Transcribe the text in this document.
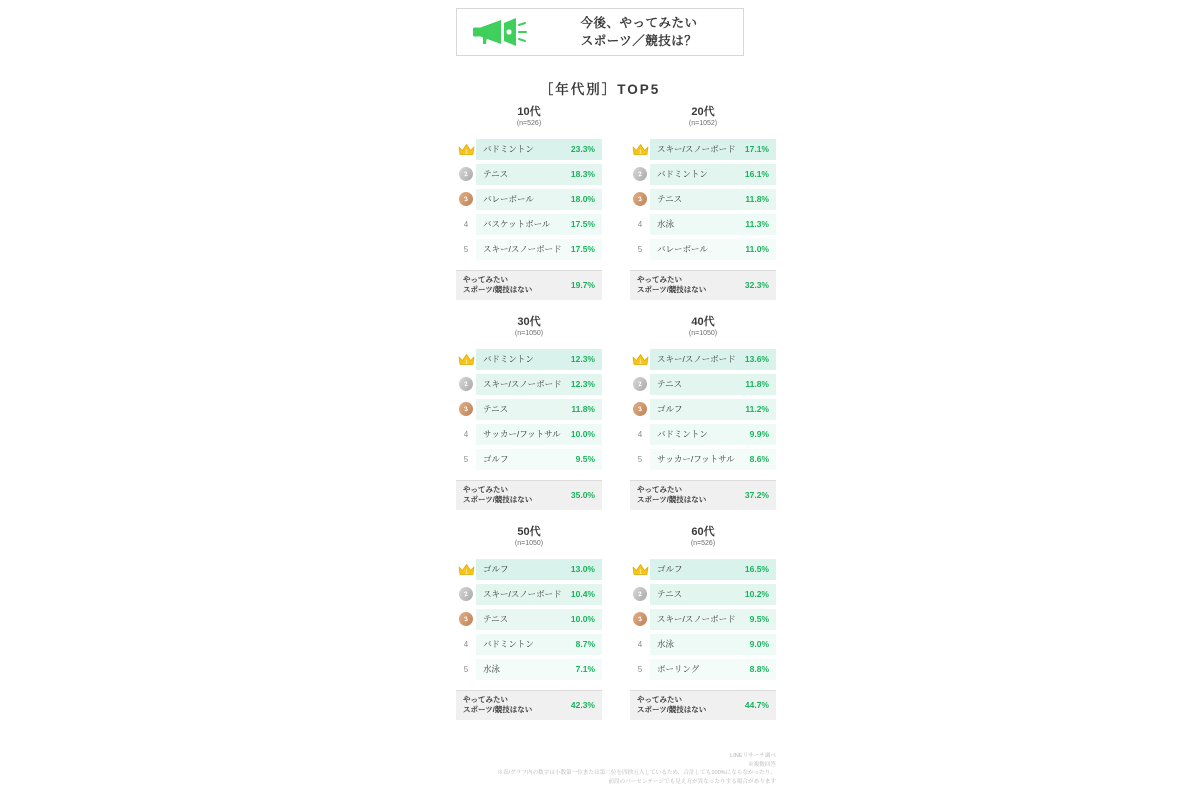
今後、やってみたい
スポーツ／競技は？
［年代別］TOP5
10代
(n=526)
1 バドミントン	23.3%
2	テニス	18.3%
3	バレーボール	18.0%
4 バスケットボール 17.5%
5 スキー/スノーボード 17.5%
やってみたい
スポーツ/競技はない	19.7%
20代
(n=1052)
1 スキー/スノーボード 17.1%
2	バドミントン	16.1%
3	テニス	11.8%
4 水泳	11.3%
5 バレーボール	11.0%
やってみたい
スポーツ/競技はない	32.3%
30代
(n=1050)
1 バドミントン	12.3%
2	スキー/スノーボード 12.3%
3	テニス	11.8%
4 サッカー/フットサル 10.0%
5 ゴルフ	9.5%
やってみたい
スポーツ/競技はない	35.0%
40代
(n=1050)
1 スキー/スノーボード 13.6%
2	テニス	11.8%
3	ゴルフ	11.2%
4 バドミントン	9.9%
5 サッカー/フットサル 8.6%
やってみたい
スポーツ/競技はない	37.2%
50代
(n=1050)
1 ゴルフ	13.0%
2	スキー/スノーボード 10.4%
3	テニス	10.0%
4 バドミントン	8.7%
5 水泳	7.1%
やってみたい
スポーツ/競技はない	42.3%
60代
(n=526)
1 ゴルフ	16.5%
2	テニス	10.2%
3	スキー/スノーボード 9.5%
4 水泳	9.0%
5 ボーリング	8.8%
やってみたい
スポーツ/競技はない	44.7%
LINEリサーチ調べ
※複数回答
※表/グラフ内の数字は小数第一位または第二位を四捨五入しているため、合計しても100%にならなかったり、
前段のパーセンテージでも見え方が異なったりする場合があります
